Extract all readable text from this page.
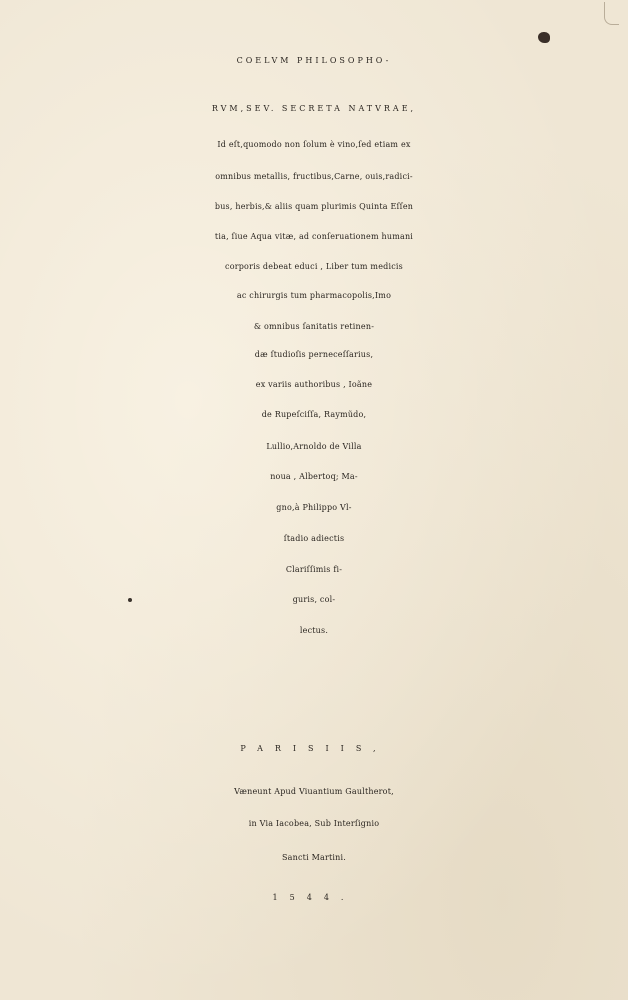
COELVM PHILOSOPHO-
RVM,SEV. SECRETA NATVRAE,
Id eſt,quomodo non ſolum è vino,ſed etiam ex
omnibus metallis, fructibus,Carne, ouis,radici-
bus, herbis,& aliis quam plurimis Quinta Eſſen
tia, ſiue Aqua vitæ, ad conſeruationem humani
corporis debeat educi , Liber tum medicis
ac chirurgis tum pharmacopolis,Imo
& omnibus ſanitatis retinen-
dæ ſtudioſis perneceſſarius,
ex variis authoribus , Ioãne
de Rupeſciſſa, Raymũdo,
Lullio,Arnoldo de Villa
noua , Albertoq; Ma-
gno,à Philippo Vl-
ſtadio adiectis
Clariſſimis fi-
guris, col-
lectus.
PARISIIS,
Væneunt Apud Viuantium Gaultherot,
in Via Iacobea, Sub Interſignio
Sancti Martini.
1544.
